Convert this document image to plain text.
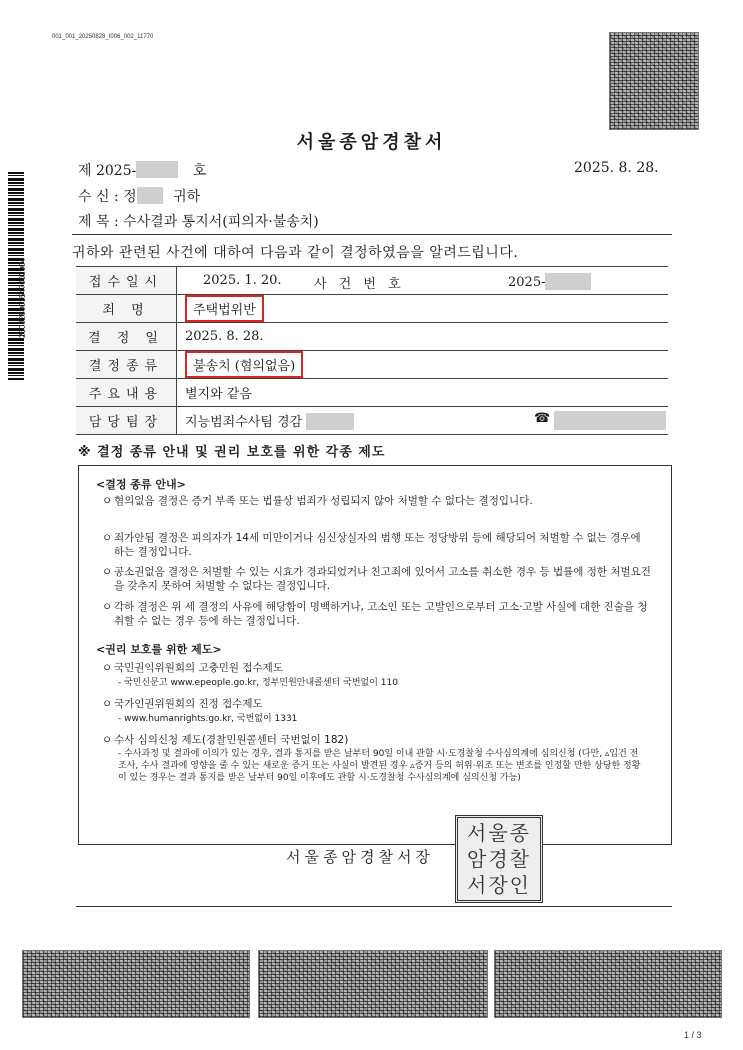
001_001_20250828_I006_002_11770
250828001547002004
서울종암경찰서
제 2025-	호	2025. 8. 28.
수 신 : 정	귀하
제 목 : 수사결과 통지서(피의자·불송치)
귀하와 관련된 사건에 대하여 다음과 같이 결정하였음을 알려드립니다.
접수일시	2025. 1. 20. 사 건 번 호 2025-

죄 명	주택법위반
결 정 일	2025. 8. 28.
결정종류	불송치 (혐의없음)
주요내용	별지와 같음
담당팀장	지능범죄수사팀 경감 ☎
※ 결정 종류 안내 및 권리 보호를 위한 각종 제도
<결정 종류 안내>
ㅇ 혐의없음 결정은 증거 부족 또는 법률상 범죄가 성립되지 않아 처벌할 수 없다는 결정입니다.
ㅇ 죄가안됨 결정은 피의자가 14세 미만이거나 심신상실자의 범행 또는 정당방위 등에 해당되어 처벌할 수 없는 경우에 하는 결정입니다.
ㅇ 공소권없음 결정은 처벌할 수 있는 시효가 경과되었거나 친고죄에 있어서 고소를 취소한 경우 등 법률에 정한 처벌요건을 갖추지 못하여 처벌할 수 없다는 결정입니다.
ㅇ 각하 결정은 위 세 결정의 사유에 해당함이 명백하거나, 고소인 또는 고발인으로부터 고소·고발 사실에 대한 진술을 청취할 수 없는 경우 등에 하는 결정입니다.
<권리 보호를 위한 제도>
ㅇ 국민권익위원회의 고충민원 접수제도
- 국민신문고 www.epeople.go.kr, 정부민원안내콜센터 국번없이 110
ㅇ 국가인권위원회의 진정 접수제도
- www.humanrights.go.kr, 국번없이 1331
ㅇ 수사 심의신청 제도(경찰민원콜센터 국번없이 182)
- 수사과정 및 결과에 이의가 있는 경우, 결과 통지를 받은 날부터 90일 이내 관할 시·도경찰청 수사심의계에 심의신청 (다만, ▵입건 전 조사, 수사 결과에 영향을 줄 수 있는 새로운 증거 또는 사실이 발견된 경우 ▵증거 등의 허위·위조 또는 변조를 인정할 만한 상당한 정황이 있는 경우는 결과 통지를 받은 날부터 90일 이후에도 관할 시·도경찰청 수사심의계에 심의신청 가능)
서울종암경찰서장
서울종
암경찰
서장인
1 / 3
